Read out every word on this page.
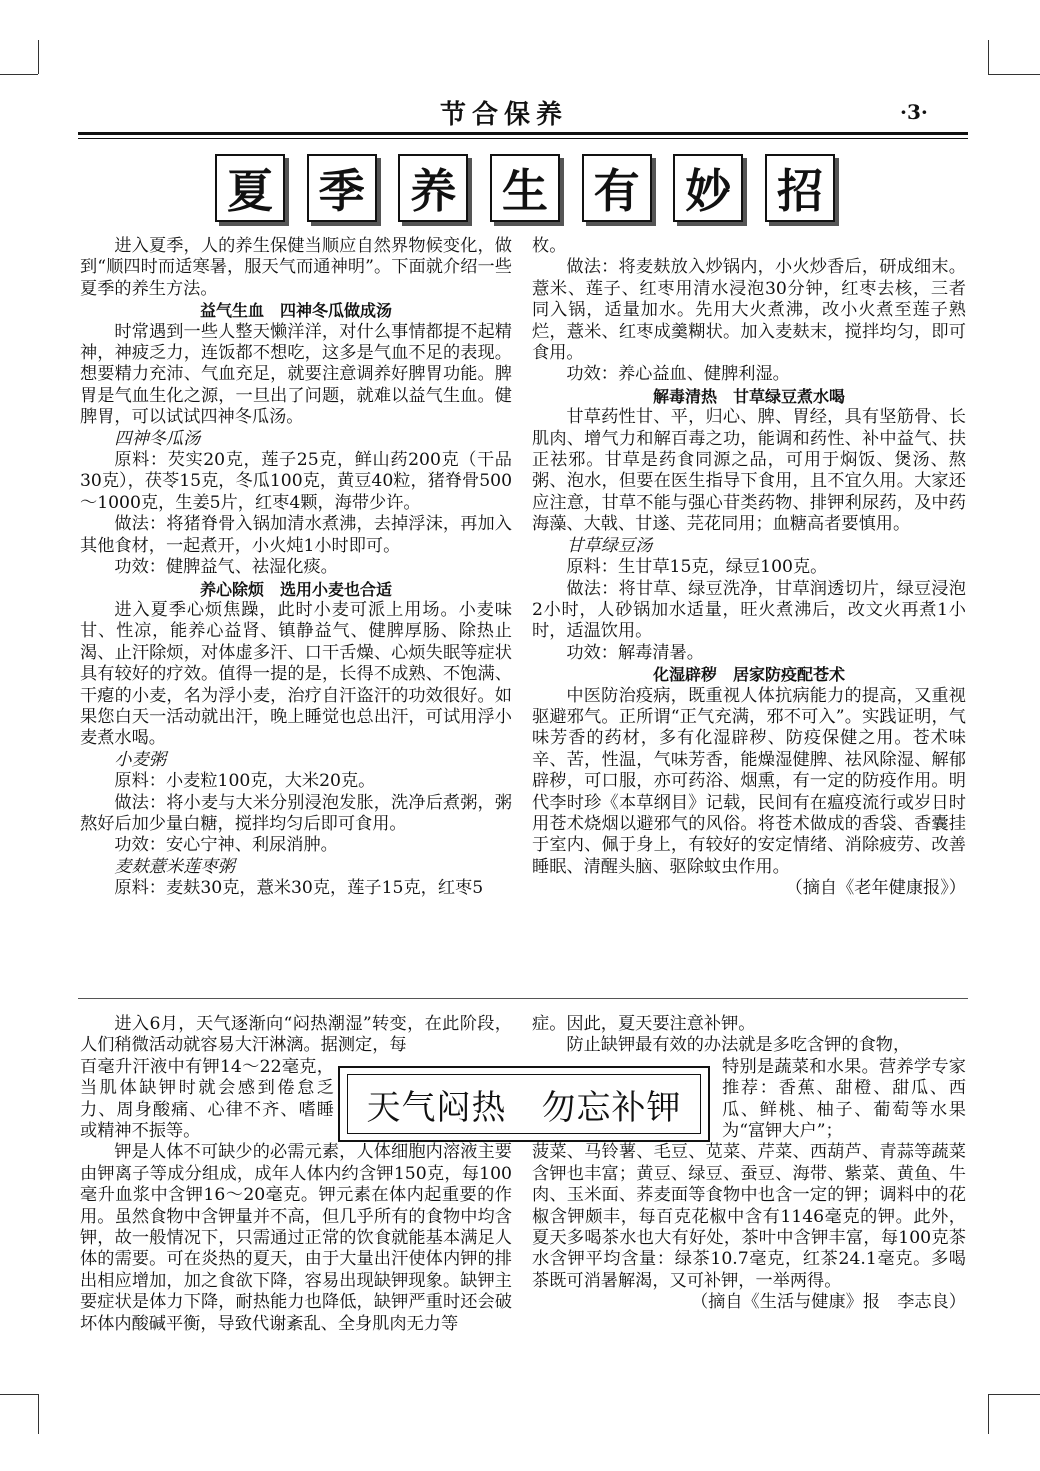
节合保养	·3·
夏 季 养 生 有 妙 招

进入夏季，人的养生保健当顺应自然界物候变化，做到“顺四时而适寒暑，服天气而通神明”。下面就介绍一些夏季的养生方法。

益气生血　四神冬瓜做成汤

时常遇到一些人整天懒洋洋，对什么事情都提不起精神，神疲乏力，连饭都不想吃，这多是气血不足的表现。想要精力充沛、气血充足，就要注意调养好脾胃功能。脾胃是气血生化之源，一旦出了问题，就难以益气生血。健脾胃，可以试试四神冬瓜汤。

四神冬瓜汤

原料：芡实20克，莲子25克，鲜山药200克（干品30克），茯苓15克，冬瓜100克，黄豆40粒，猪脊骨500～1000克，生姜5片，红枣4颗，海带少许。

做法：将猪脊骨入锅加清水煮沸，去掉浮沫，再加入其他食材，一起煮开，小火炖1小时即可。

功效：健脾益气、祛湿化痰。

养心除烦　选用小麦也合适

进入夏季心烦焦躁，此时小麦可派上用场。小麦味甘、性凉，能养心益肾、镇静益气、健脾厚肠、除热止渴、止汗除烦，对体虚多汗、口干舌燥、心烦失眠等症状具有较好的疗效。值得一提的是，长得不成熟、不饱满、干瘪的小麦，名为浮小麦，治疗自汗盗汗的功效很好。如果您白天一活动就出汗，晚上睡觉也总出汗，可试用浮小麦煮水喝。

小麦粥

原料：小麦粒100克，大米20克。

做法：将小麦与大米分别浸泡发胀，洗净后煮粥，粥熬好后加少量白糖，搅拌均匀后即可食用。

功效：安心宁神、利尿消肿。

麦麸薏米莲枣粥

原料：麦麸30克，薏米30克，莲子15克，红枣5

枚。

做法：将麦麸放入炒锅内，小火炒香后，研成细末。薏米、莲子、红枣用清水浸泡30分钟，红枣去核，三者同入锅，适量加水。先用大火煮沸，改小火煮至莲子熟烂，薏米、红枣成羹糊状。加入麦麸末，搅拌均匀，即可食用。

功效：养心益血、健脾利湿。

解毒清热　甘草绿豆煮水喝

甘草药性甘、平，归心、脾、胃经，具有坚筋骨、长肌肉、增气力和解百毒之功，能调和药性、补中益气、扶正祛邪。甘草是药食同源之品，可用于焖饭、煲汤、熬粥、泡水，但要在医生指导下食用，且不宜久用。大家还应注意，甘草不能与强心苷类药物、排钾利尿药，及中药海藻、大戟、甘遂、芫花同用；血糖高者要慎用。

甘草绿豆汤

原料：生甘草15克，绿豆100克。

做法：将甘草、绿豆洗净，甘草润透切片，绿豆浸泡2小时，人砂锅加水适量，旺火煮沸后，改文火再煮1小时，适温饮用。

功效：解毒清暑。

化湿辟秽　居家防疫配苍术

中医防治疫病，既重视人体抗病能力的提高，又重视驱避邪气。正所谓“正气充满，邪不可入”。实践证明，气味芳香的药材，多有化湿辟秽、防疫保健之用。苍术味辛、苦，性温，气味芳香，能燥湿健脾、祛风除湿、解郁辟秽，可口服，亦可药浴、烟熏，有一定的防疫作用。明代李时珍《本草纲目》记载，民间有在瘟疫流行或岁日时用苍术烧烟以避邪气的风俗。将苍术做成的香袋、香囊挂于室内、佩于身上，有较好的安定情绪、消除疲劳、改善睡眠、清醒头脑、驱除蚊虫作用。

（摘自《老年健康报》）

进入6月，天气逐渐向“闷热潮湿”转变，在此阶段，人们稍微活动就容易大汗淋漓。据测定，每

百毫升汗液中有钾14～22毫克，当肌体缺钾时就会感到倦怠乏力、周身酸痛、心律不齐、嗜睡或精神不振等。

钾是人体不可缺少的必需元素，人体细胞内溶液主要由钾离子等成分组成，成年人体内约含钾150克，每100毫升血浆中含钾16～20毫克。钾元素在体内起重要的作用。虽然食物中含钾量并不高，但几乎所有的食物中均含钾，故一般情况下，只需通过正常的饮食就能基本满足人体的需要。可在炎热的夏天，由于大量出汗使体内钾的排出相应增加，加之食欲下降，容易出现缺钾现象。缺钾主要症状是体力下降，耐热能力也降低，缺钾严重时还会破坏体内酸碱平衡，导致代谢紊乱、全身肌肉无力等

天气闷热　勿忘补钾

症。因此，夏天要注意补钾。

防止缺钾最有效的办法就是多吃含钾的食物，

特别是蔬菜和水果。营养学专家推荐：香蕉、甜橙、甜瓜、西瓜、鲜桃、柚子、葡萄等水果为“富钾大户”；

菠菜、马铃薯、毛豆、苋菜、芹菜、西葫芦、青蒜等蔬菜含钾也丰富；黄豆、绿豆、蚕豆、海带、紫菜、黄鱼、牛肉、玉米面、荞麦面等食物中也含一定的钾；调料中的花椒含钾颇丰，每百克花椒中含有1146毫克的钾。此外，夏天多喝茶水也大有好处，茶叶中含钾丰富，每100克茶水含钾平均含量：绿茶10.7毫克，红茶24.1毫克。多喝茶既可消暑解渴，又可补钾，一举两得。

（摘自《生活与健康》报　李志良）
